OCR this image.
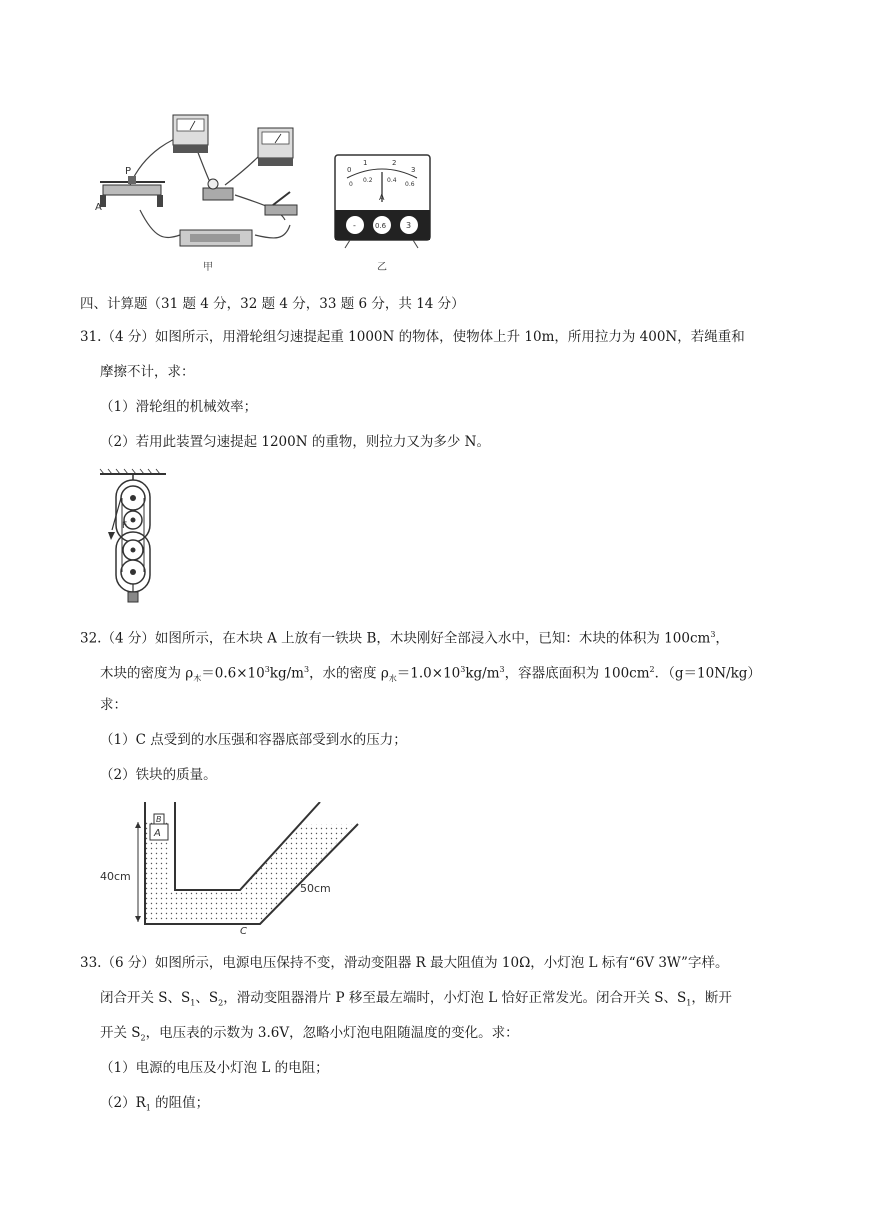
P
A
甲
0
1	2
3
0
0.2 0.4
0.6
A
-	0.6 3
乙
四、计算题（31 题 4 分，32 题 4 分，33 题 6 分，共 14 分）
31.（4 分）如图所示，用滑轮组匀速提起重 1000N 的物体，使物体上升 10m，所用拉力为 400N，若绳重和
摩擦不计，求：
（1）滑轮组的机械效率；
（2）若用此装置匀速提起 1200N 的重物，则拉力又为多少 N。
F
32.（4 分）如图所示，在木块 A 上放有一铁块 B，木块刚好全部浸入水中，已知：木块的体积为 $100cm^3$，
木块的密度为 $\rho_木=0.6\times 10^3kg/m^3$，水的密度 $\rho_水=1.0\times 10^3kg/m^3$，容器底面积为 $100cm^2$．（g＝10N/kg）
求：
（1）C 点受到的水压强和容器底部受到水的压力；
（2）铁块的质量。
B
A
40cm
50cm
C
33.（6 分）如图所示，电源电压保持不变，滑动变阻器 R 最大阻值为 10Ω，小灯泡 L 标有“6V 3W”字样。
闭合开关 S、$S_1$、$S_2$，滑动变阻器滑片 P 移至最左端时，小灯泡 L 恰好正常发光。闭合开关 S、$S_1$，断开
开关 $S_2$，电压表的示数为 3.6V，忽略小灯泡电阻随温度的变化。求：
（1）电源的电压及小灯泡 L 的电阻；
$(2)R_1$ 的阻值；
